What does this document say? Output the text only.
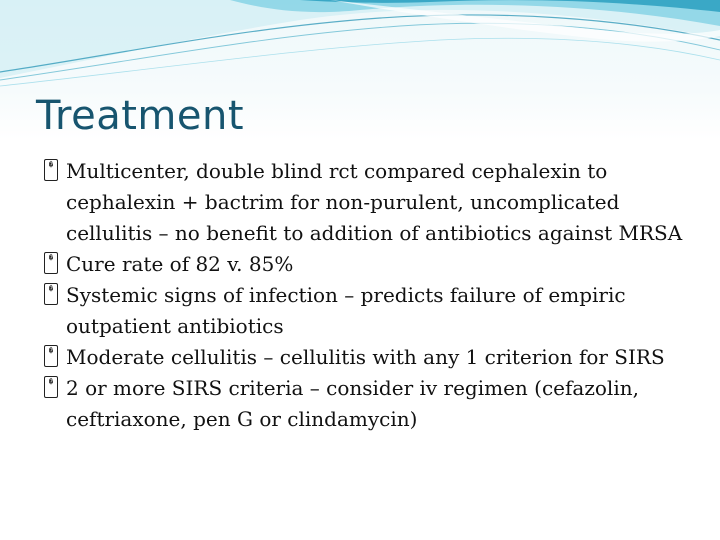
Treatment
� Multicenter, double blind rct compared cephalexin to cephalexin + bactrim for non-purulent, uncomplicated cellulitis – no benefit to addition of antibiotics against MRSA
� Cure rate of 82 v. 85%
� Systemic signs of infection – predicts failure of empiric outpatient antibiotics
� Moderate cellulitis – cellulitis with any 1 criterion for SIRS
� 2 or more SIRS criteria – consider iv regimen (cefazolin, ceftriaxone, pen G or clindamycin)
